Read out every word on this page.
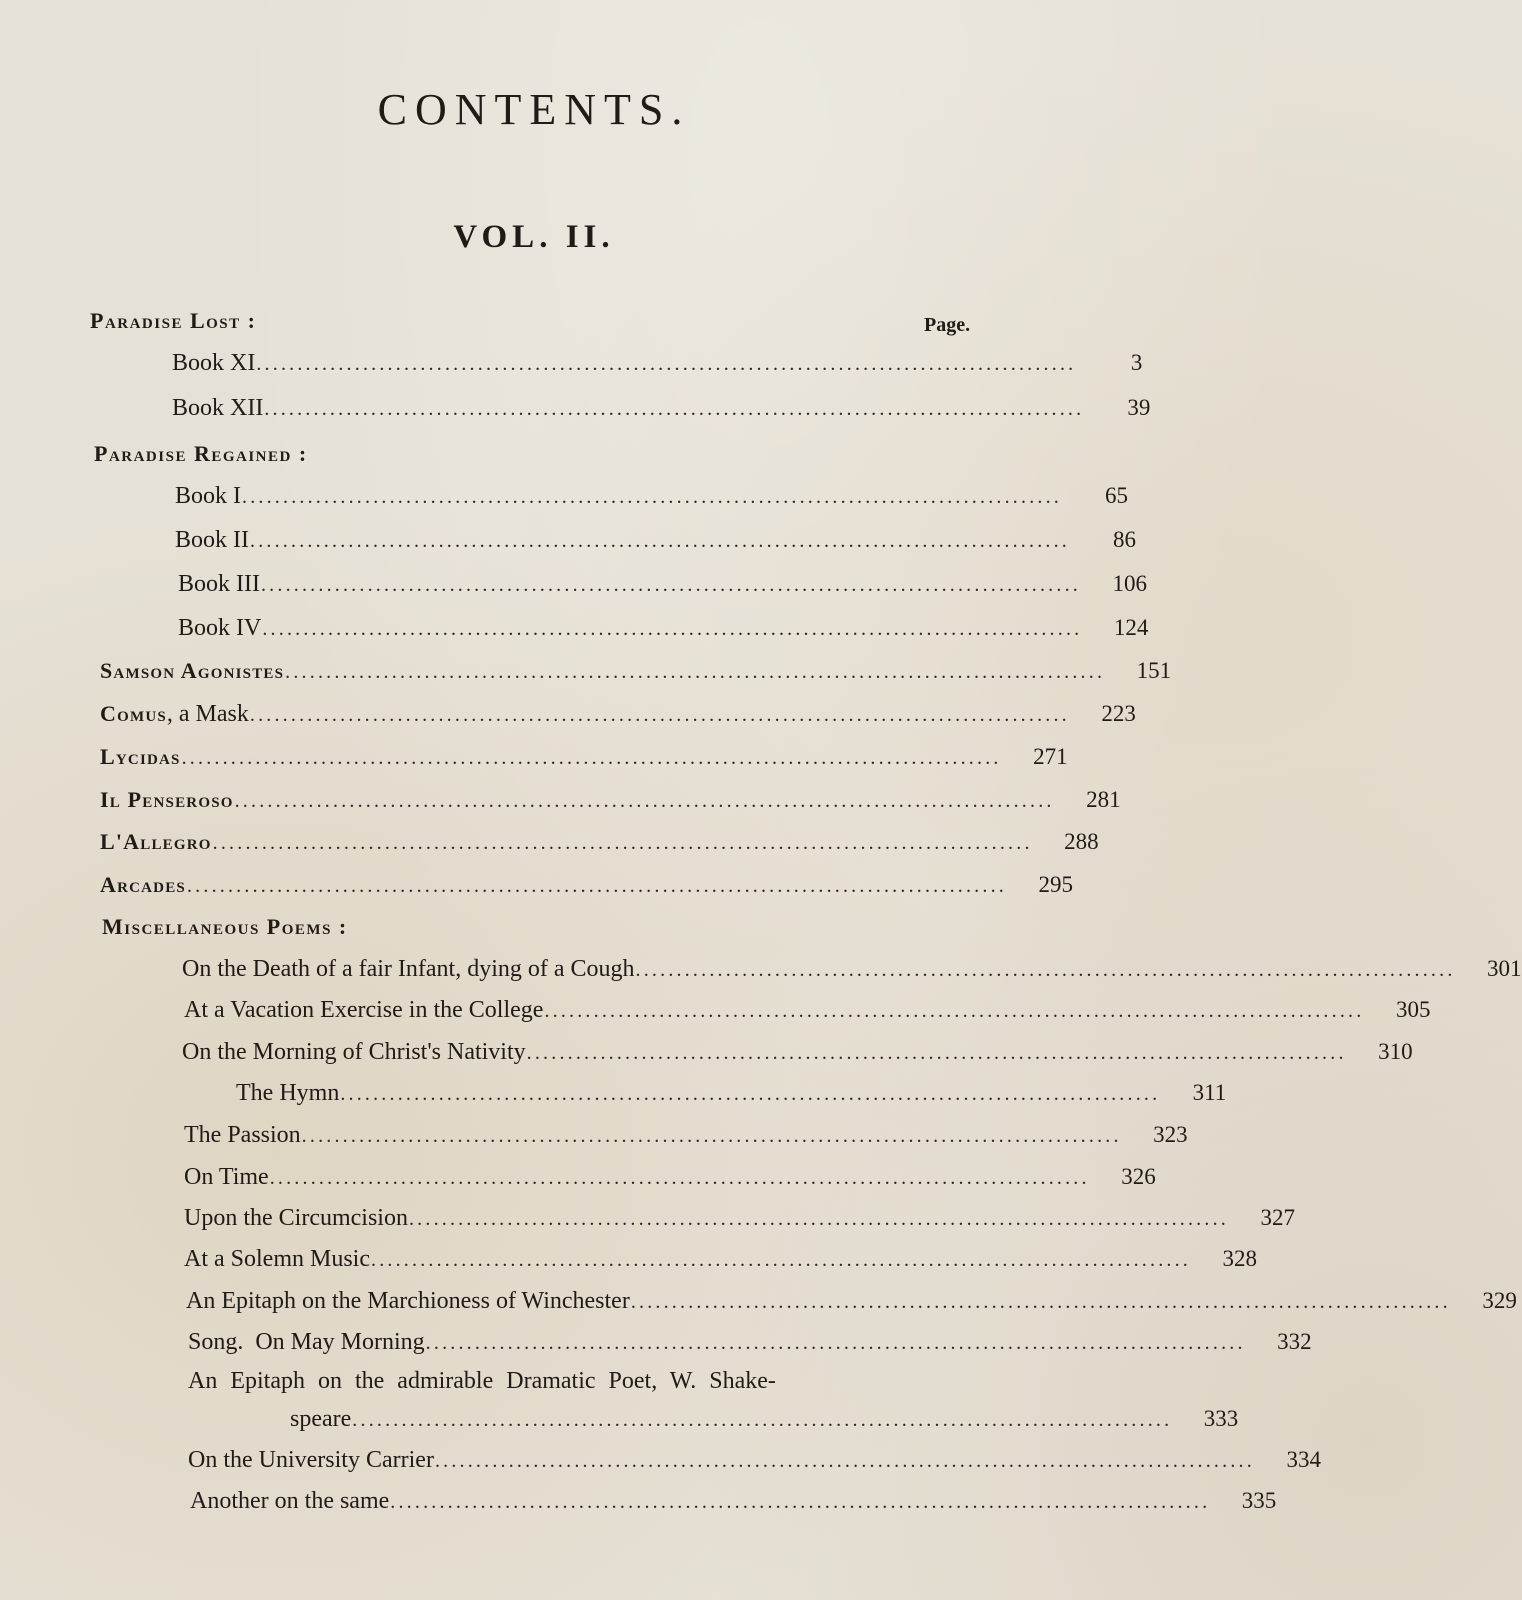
CONTENTS.
VOL. II.
Paradise Lost :	Page.
Book XI ....................................................................................................	3
Book XII ....................................................................................................	39
Paradise Regained :
Book I ....................................................................................................	65
Book II ....................................................................................................	86
Book III ....................................................................................................	106
Book IV ....................................................................................................	124
Samson Agonistes ....................................................................................................	151
Comus, a Mask ....................................................................................................	223
Lycidas ....................................................................................................	271
Il Penseroso ....................................................................................................	281
L'Allegro ....................................................................................................	288
Arcades ....................................................................................................	295
Miscellaneous Poems :
On the Death of a fair Infant, dying of a Cough ....................................................................................................	301
At a Vacation Exercise in the College ....................................................................................................	305
On the Morning of Christ's Nativity ....................................................................................................	310
The Hymn ....................................................................................................	311
The Passion ....................................................................................................	323
On Time ....................................................................................................	326
Upon the Circumcision ....................................................................................................	327
At a Solemn Music ....................................................................................................	328
An Epitaph on the Marchioness of Winchester ....................................................................................................	329
Song.  On May Morning ....................................................................................................	332
An Epitaph on the admirable Dramatic Poet, W. Shake-
speare ....................................................................................................	333
On the University Carrier ....................................................................................................	334
Another on the same ....................................................................................................	335
